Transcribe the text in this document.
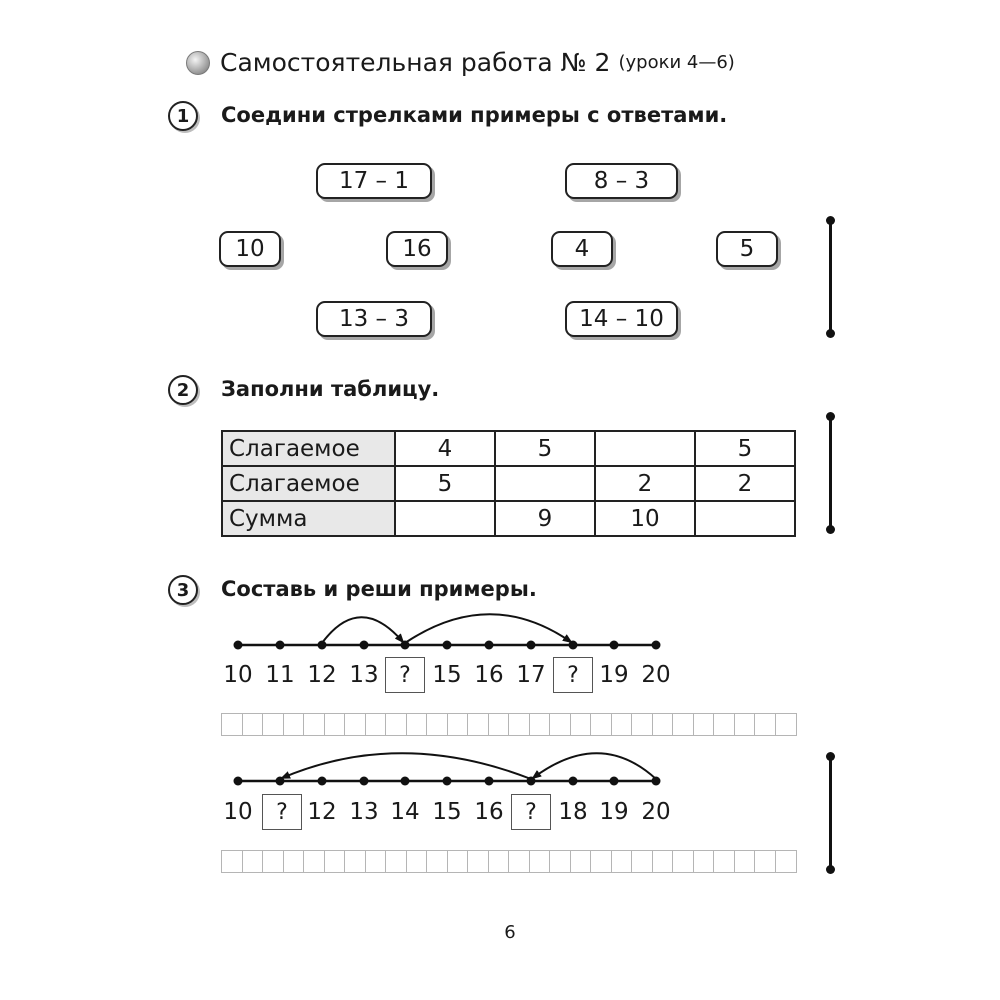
Самостоятельная работа № 2 (уроки 4—6)
1	Соедини стрелками примеры с ответами.
17 – 1	8 – 3
10	16	4	5
13 – 3	14 – 10
2	Заполни таблицу.
Слагаемое	4	5		5
Слагаемое	5		2	2
Сумма		9	10	
3	Составь и реши примеры.
10 11 12 13 ? 15 16 17 ? 19 20
10	? 12 13 14 15 16 ? 18 19 20
6
